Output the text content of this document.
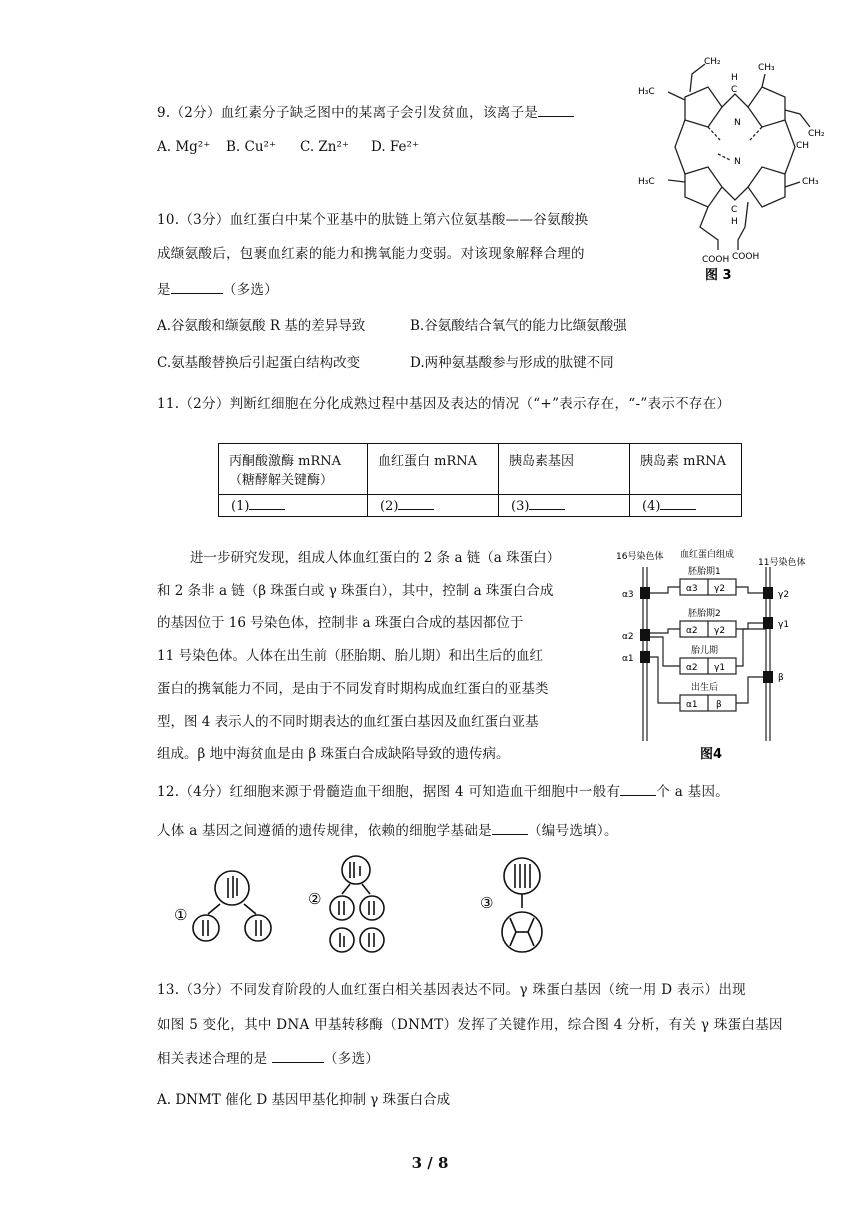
9.（2分）血红素分子缺乏图中的某离子会引发贫血，该离子是
A. Mg²⁺ B. Cu²⁺ C. Zn²⁺ D. Fe²⁺
CH₂
CH₃
H
C
H₃C
CH₂
CH
H₃C	CH₃
C
H
N
N
COOH COOH
图 3
10.（3分）血红蛋白中某个亚基中的肽链上第六位氨基酸——谷氨酸换
成缬氨酸后，包裹血红素的能力和携氧能力变弱。对该现象解释合理的
是	（多选）
A.谷氨酸和缬氨酸 R 基的差异导致	B.谷氨酸结合氧气的能力比缬氨酸强
C.氨基酸替换后引起蛋白结构改变	D.两种氨基酸参与形成的肽键不同
11.（2分）判断红细胞在分化成熟过程中基因及表达的情况（“+”表示存在，“-”表示不存在）
丙酮酸激酶 mRNA
（糖酵解关键酶）	血红蛋白 mRNA	胰岛素基因	胰岛素 mRNA
(1)	(2)	(3)	(4)
进一步研究发现，组成人体血红蛋白的 2 条 a 链（a 珠蛋白）
和 2 条非 a 链（β 珠蛋白或 γ 珠蛋白），其中，控制 a 珠蛋白合成
的基因位于 16 号染色体，控制非 a 珠蛋白合成的基因都位于
11 号染色体。人体在出生前（胚胎期、胎儿期）和出生后的血红
蛋白的携氧能力不同，是由于不同发育时期构成血红蛋白的亚基类
型，图 4 表示人的不同时期表达的血红蛋白基因及血红蛋白亚基
组成。β 地中海贫血是由 β 珠蛋白合成缺陷导致的遗传病。
16号染色体
11号染色体
血红蛋白组成
胚胎期1
胚胎期2
胎儿期
出生后
α3 γ2
α2 γ2
α2 γ1
α1 β
α3
α2
α1
γ2
γ1
β
图4
12.（4分）红细胞来源于骨髓造血干细胞，据图 4 可知造血干细胞中一般有	个 a 基因。
人体 a 基因之间遵循的遗传规律，依赖的细胞学基础是	（编号选填）。
①
②	③
13.（3分）不同发育阶段的人血红蛋白相关基因表达不同。γ 珠蛋白基因（统一用 D 表示）出现
如图 5 变化，其中 DNA 甲基转移酶（DNMT）发挥了关键作用，综合图 4 分析，有关 γ 珠蛋白基因
相关表述合理的是	（多选）
A. DNMT 催化 D 基因甲基化抑制 γ 珠蛋白合成
3 / 8
